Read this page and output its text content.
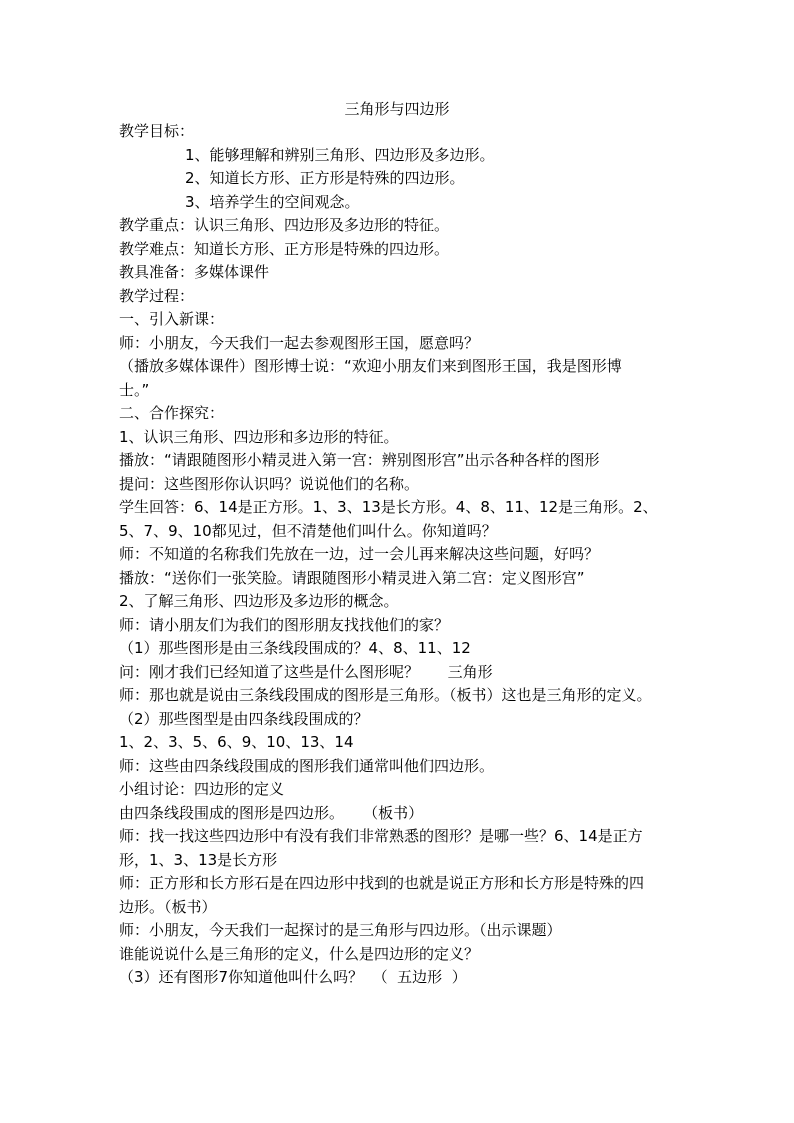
三角形与四边形
教学目标：
1、能够理解和辨别三角形、四边形及多边形。
2、知道长方形、正方形是特殊的四边形。
3、培养学生的空间观念。
教学重点：认识三角形、四边形及多边形的特征。
教学难点：知道长方形、正方形是特殊的四边形。
教具准备：多媒体课件
教学过程：
一、引入新课：
师：小朋友，今天我们一起去参观图形王国，愿意吗？
（播放多媒体课件）图形博士说：“欢迎小朋友们来到图形王国，我是图形博
士。”
二、合作探究：
1、认识三角形、四边形和多边形的特征。
播放：“请跟随图形小精灵进入第一宫：辨别图形宫”出示各种各样的图形
提问：这些图形你认识吗？说说他们的名称。
学生回答：6、14是正方形。1、3、13是长方形。4、8、11、12是三角形。2、
5、7、9、10都见过，但不清楚他们叫什么。你知道吗？
师：不知道的名称我们先放在一边，过一会儿再来解决这些问题，好吗？
播放：“送你们一张笑脸。请跟随图形小精灵进入第二宫：定义图形宫”
2、了解三角形、四边形及多边形的概念。
师：请小朋友们为我们的图形朋友找找他们的家？
（1）那些图形是由三条线段围成的？4、8、11、12
问：刚才我们已经知道了这些是什么图形呢？      三角形
师：那也就是说由三条线段围成的图形是三角形。（板书）这也是三角形的定义。
（2）那些图型是由四条线段围成的？
1、2、3、5、6、9、10、13、14
师：这些由四条线段围成的图形我们通常叫他们四边形。
小组讨论：四边形的定义
由四条线段围成的图形是四边形。    （板书）
师：找一找这些四边形中有没有我们非常熟悉的图形？是哪一些？6、14是正方
形，1、3、13是长方形
师：正方形和长方形石是在四边形中找到的也就是说正方形和长方形是特殊的四
边形。（板书）
师：小朋友，今天我们一起探讨的是三角形与四边形。（出示课题）
谁能说说什么是三角形的定义，什么是四边形的定义？
（3）还有图形7你知道他叫什么吗？  （  五边形  ）
